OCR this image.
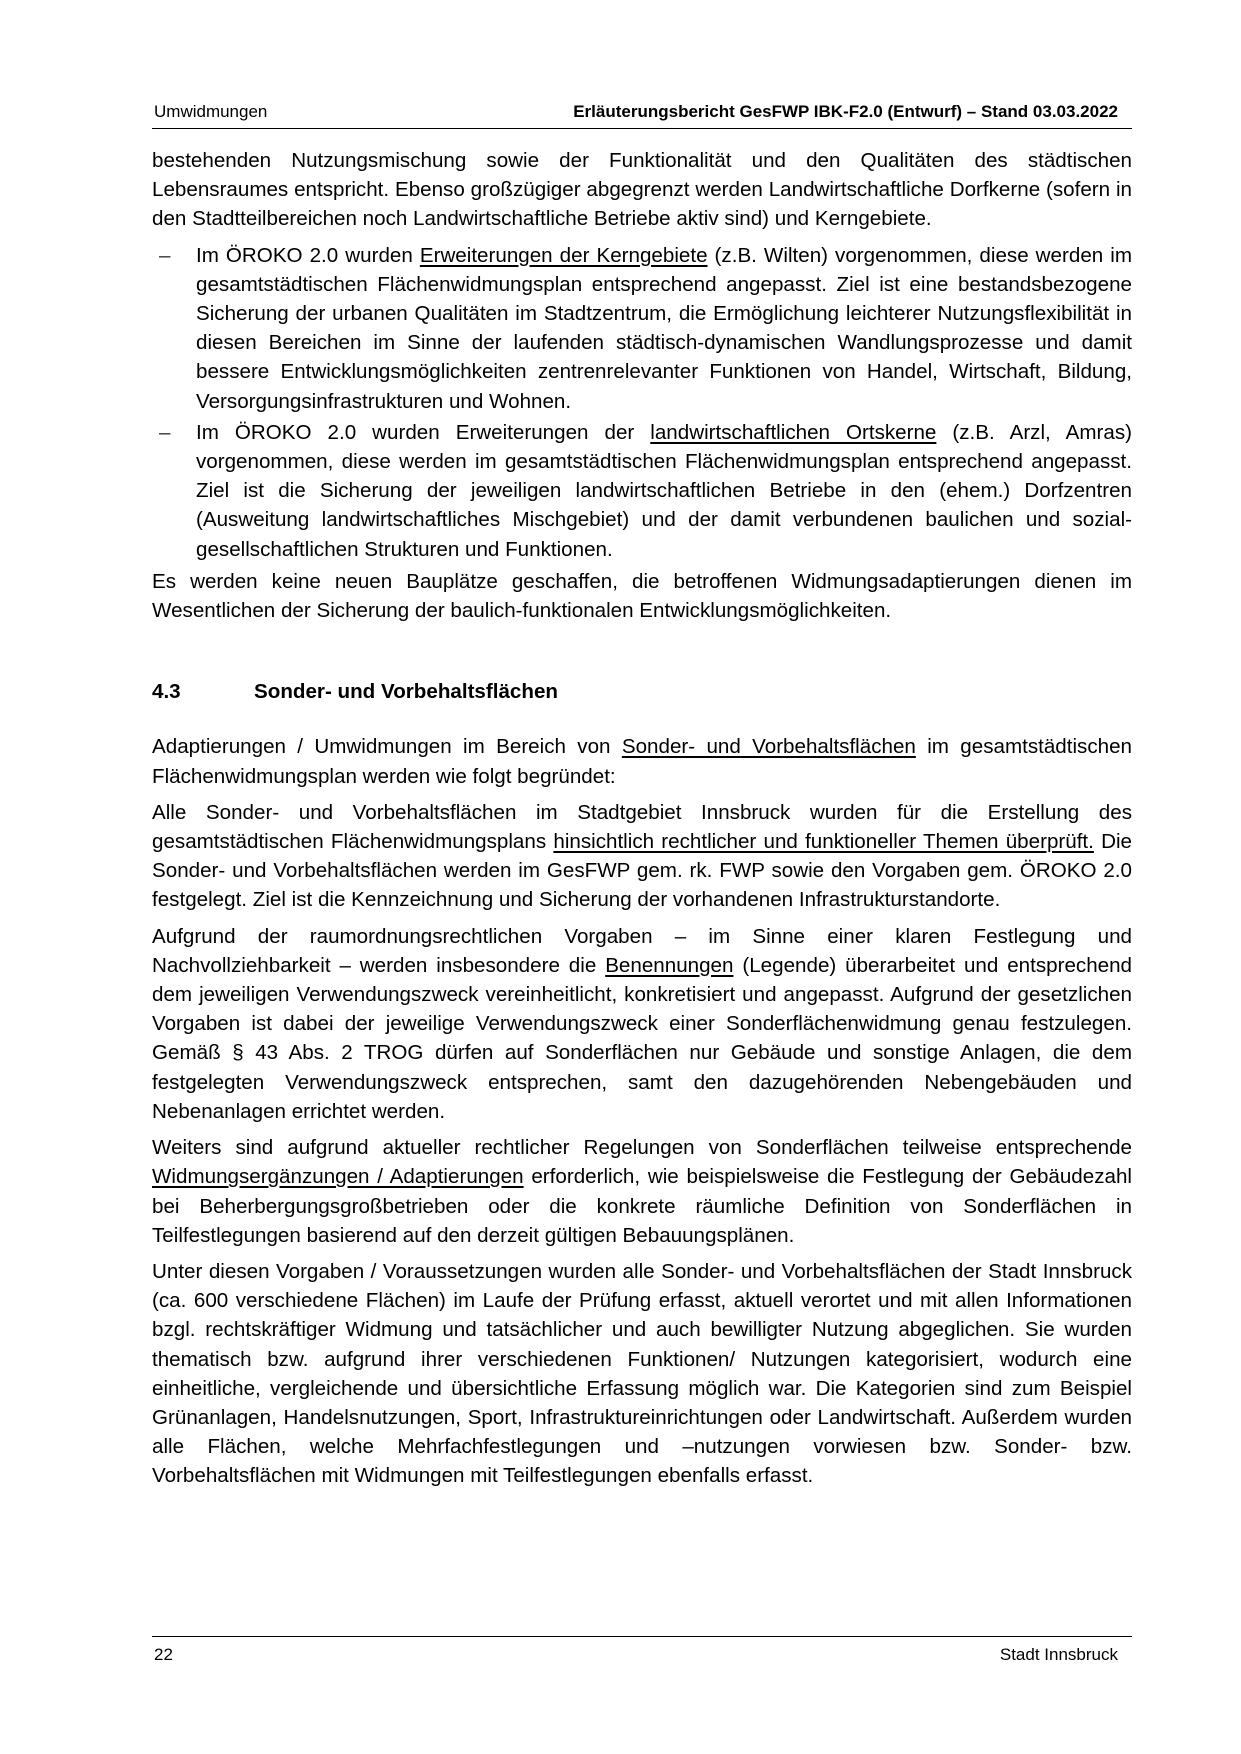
Umwidmungen	Erläuterungsbericht GesFWP IBK-F2.0 (Entwurf) – Stand 03.03.2022

bestehenden Nutzungsmischung sowie der Funktionalität und den Qualitäten des städtischen Lebensraumes entspricht. Ebenso großzügiger abgegrenzt werden Landwirtschaftliche Dorfkerne (sofern in den Stadtteilbereichen noch Landwirtschaftliche Betriebe aktiv sind) und Kerngebiete.

– Im ÖROKO 2.0 wurden Erweiterungen der Kerngebiete (z.B. Wilten) vorgenommen, diese werden im gesamtstädtischen Flächenwidmungsplan entsprechend angepasst. Ziel ist eine bestandsbezogene Sicherung der urbanen Qualitäten im Stadtzentrum, die Ermöglichung leichterer Nutzungsflexibilität in diesen Bereichen im Sinne der laufenden städtisch-dynamischen Wandlungsprozesse und damit bessere Entwicklungsmöglichkeiten zentrenrelevanter Funktionen von Handel, Wirtschaft, Bildung, Versorgungsinfrastrukturen und Wohnen.
– Im ÖROKO 2.0 wurden Erweiterungen der landwirtschaftlichen Ortskerne (z.B. Arzl, Amras) vorgenommen, diese werden im gesamtstädtischen Flächenwidmungsplan entsprechend angepasst. Ziel ist die Sicherung der jeweiligen landwirtschaftlichen Betriebe in den (ehem.) Dorfzentren (Ausweitung landwirtschaftliches Mischgebiet) und der damit verbundenen baulichen und sozial-gesellschaftlichen Strukturen und Funktionen.

Es werden keine neuen Bauplätze geschaffen, die betroffenen Widmungsadaptierungen dienen im Wesentlichen der Sicherung der baulich-funktionalen Entwicklungsmöglichkeiten.

4.3	Sonder- und Vorbehaltsflächen

Adaptierungen / Umwidmungen im Bereich von Sonder- und Vorbehaltsflächen im gesamtstädtischen Flächenwidmungsplan werden wie folgt begründet:

Alle Sonder- und Vorbehaltsflächen im Stadtgebiet Innsbruck wurden für die Erstellung des gesamtstädtischen Flächenwidmungsplans hinsichtlich rechtlicher und funktioneller Themen überprüft. Die Sonder- und Vorbehaltsflächen werden im GesFWP gem. rk. FWP sowie den Vorgaben gem. ÖROKO 2.0 festgelegt. Ziel ist die Kennzeichnung und Sicherung der vorhandenen Infrastrukturstandorte.

Aufgrund der raumordnungsrechtlichen Vorgaben – im Sinne einer klaren Festlegung und Nachvollziehbarkeit – werden insbesondere die Benennungen (Legende) überarbeitet und entsprechend dem jeweiligen Verwendungszweck vereinheitlicht, konkretisiert und angepasst. Aufgrund der gesetzlichen Vorgaben ist dabei der jeweilige Verwendungszweck einer Sonderflächenwidmung genau festzulegen. Gemäß § 43 Abs. 2 TROG dürfen auf Sonderflächen nur Gebäude und sonstige Anlagen, die dem festgelegten Verwendungszweck entsprechen, samt den dazugehörenden Nebengebäuden und Nebenanlagen errichtet werden.

Weiters sind aufgrund aktueller rechtlicher Regelungen von Sonderflächen teilweise entsprechende Widmungsergänzungen / Adaptierungen erforderlich, wie beispielsweise die Festlegung der Gebäudezahl bei Beherbergungsgroßbetrieben oder die konkrete räumliche Definition von Sonderflächen in Teilfestlegungen basierend auf den derzeit gültigen Bebauungsplänen.

Unter diesen Vorgaben / Voraussetzungen wurden alle Sonder- und Vorbehaltsflächen der Stadt Innsbruck (ca. 600 verschiedene Flächen) im Laufe der Prüfung erfasst, aktuell verortet und mit allen Informationen bzgl. rechtskräftiger Widmung und tatsächlicher und auch bewilligter Nutzung abgeglichen. Sie wurden thematisch bzw. aufgrund ihrer verschiedenen Funktionen/ Nutzungen kategorisiert, wodurch eine einheitliche, vergleichende und übersichtliche Erfassung möglich war. Die Kategorien sind zum Beispiel Grünanlagen, Handelsnutzungen, Sport, Infrastruktureinrichtungen oder Landwirtschaft. Außerdem wurden alle Flächen, welche Mehrfachfestlegungen und –nutzungen vorwiesen bzw. Sonder- bzw. Vorbehaltsflächen mit Widmungen mit Teilfestlegungen ebenfalls erfasst.

22	Stadt Innsbruck
